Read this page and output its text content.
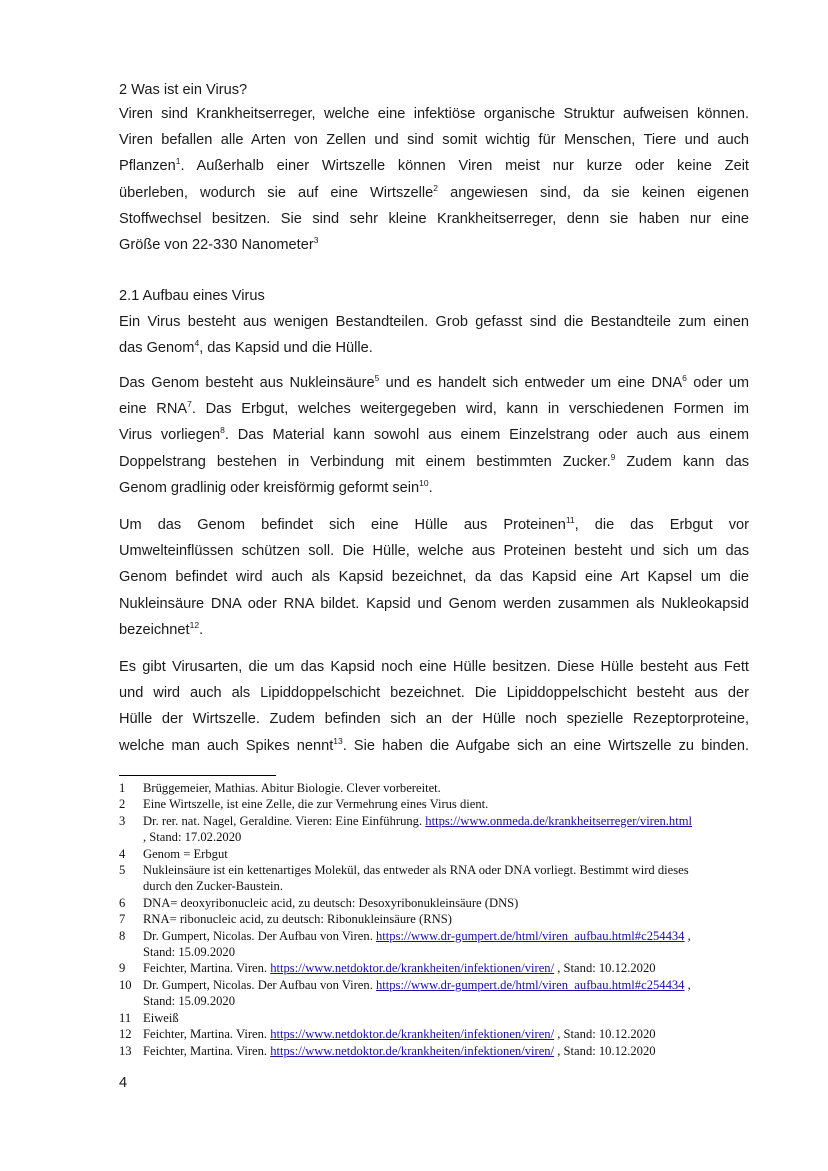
2 Was ist ein Virus?
Viren sind Krankheitserreger, welche eine infektiöse organische Struktur aufweisen können.
Viren befallen alle Arten von Zellen und sind somit wichtig für Menschen, Tiere und auch
Pflanzen$^1$. Außerhalb einer Wirtszelle können Viren meist nur kurze oder keine Zeit
überleben, wodurch sie auf eine Wirtszelle$^2$ angewiesen sind, da sie keinen eigenen
Stoffwechsel besitzen. Sie sind sehr kleine Krankheitserreger, denn sie haben nur eine
Größe von 22-330 Nanometer$^3$
2.1 Aufbau eines Virus
Ein Virus besteht aus wenigen Bestandteilen. Grob gefasst sind die Bestandteile zum einen
das Genom$^4$, das Kapsid und die Hülle.
Das Genom besteht aus Nukleinsäure$^5$ und es handelt sich entweder um eine DNA$^6$ oder um
eine RNA$^7$. Das Erbgut, welches weitergegeben wird, kann in verschiedenen Formen im
Virus vorliegen$^8$. Das Material kann sowohl aus einem Einzelstrang oder auch aus einem
Doppelstrang bestehen in Verbindung mit einem bestimmten Zucker.$^9$ Zudem kann das
Genom gradlinig oder kreisförmig geformt sein$^{10}$.
Um das Genom befindet sich eine Hülle aus Proteinen$^{11}$, die das Erbgut vor
Umwelteinflüssen schützen soll. Die Hülle, welche aus Proteinen besteht und sich um das
Genom befindet wird auch als Kapsid bezeichnet, da das Kapsid eine Art Kapsel um die
Nukleinsäure DNA oder RNA bildet. Kapsid und Genom werden zusammen als Nukleokapsid
bezeichnet$^{12}$.
Es gibt Virusarten, die um das Kapsid noch eine Hülle besitzen. Diese Hülle besteht aus Fett
und wird auch als Lipiddoppelschicht bezeichnet. Die Lipiddoppelschicht besteht aus der
Hülle der Wirtszelle. Zudem befinden sich an der Hülle noch spezielle Rezeptorproteine,
welche man auch Spikes nennt$^{13}$. Sie haben die Aufgabe sich an eine Wirtszelle zu binden.
1 Brüggemeier, Mathias. Abitur Biologie. Clever vorbereitet.
2 Eine Wirtszelle, ist eine Zelle, die zur Vermehrung eines Virus dient.
3 Dr. rer. nat. Nagel, Geraldine. Vieren: Eine Einführung. https://www.onmeda.de/krankheitserreger/viren.html
, Stand: 17.02.2020
4 Genom = Erbgut
5 Nukleinsäure ist ein kettenartiges Molekül, das entweder als RNA oder DNA vorliegt. Bestimmt wird dieses
durch den Zucker-Baustein.
6 DNA= deoxyribonucleic acid, zu deutsch: Desoxyribonukleinsäure (DNS)
7 RNA= ribonucleic acid, zu deutsch: Ribonukleinsäure (RNS)
8 Dr. Gumpert, Nicolas. Der Aufbau von Viren. https://www.dr-gumpert.de/html/viren_aufbau.html#c254434 ,
Stand: 15.09.2020
9 Feichter, Martina. Viren. https://www.netdoktor.de/krankheiten/infektionen/viren/ , Stand: 10.12.2020
10 Dr. Gumpert, Nicolas. Der Aufbau von Viren. https://www.dr-gumpert.de/html/viren_aufbau.html#c254434 ,
Stand: 15.09.2020
11 Eiweiß
12 Feichter, Martina. Viren. https://www.netdoktor.de/krankheiten/infektionen/viren/ , Stand: 10.12.2020
13 Feichter, Martina. Viren. https://www.netdoktor.de/krankheiten/infektionen/viren/ , Stand: 10.12.2020
4
